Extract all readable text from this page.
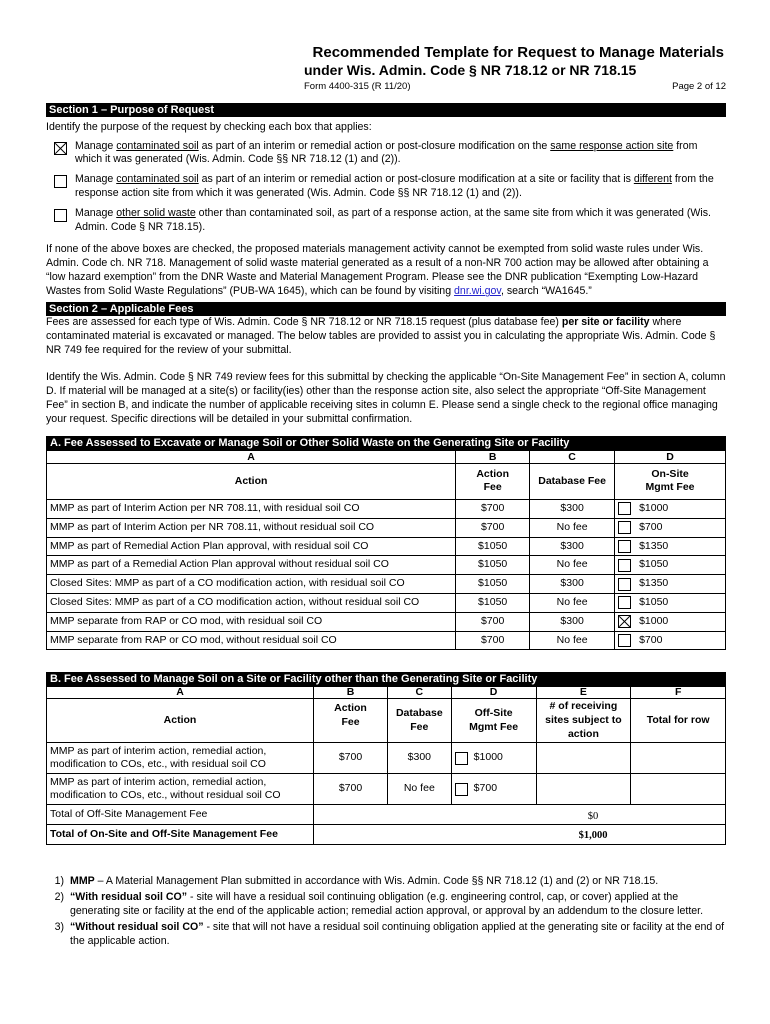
Recommended Template for Request to Manage Materials
under Wis. Admin. Code § NR 718.12 or NR 718.15
Form 4400-315 (R 11/20)	Page 2 of 12
Section 1 – Purpose of Request

Identify the purpose of the request by checking each box that applies:

Manage contaminated soil as part of an interim or remedial action or post-closure modification on the same response action site from which it was generated (Wis. Admin. Code §§ NR 718.12 (1) and (2)).
Manage contaminated soil as part of an interim or remedial action or post-closure modification at a site or facility that is different from the response action site from which it was generated (Wis. Admin. Code §§ NR 718.12 (1) and (2)).
Manage other solid waste other than contaminated soil, as part of a response action, at the same site from which it was generated (Wis. Admin. Code § NR 718.15).

If none of the above boxes are checked, the proposed materials management activity cannot be exempted from solid waste rules under Wis. Admin. Code ch. NR 718. Management of solid waste material generated as a result of a non-NR 700 action may be allowed after obtaining a “low hazard exemption” from the DNR Waste and Material Management Program. Please see the DNR publication “Exempting Low-Hazard Wastes from Solid Waste Regulations” (PUB-WA 1645), which can be found by visiting dnr.wi.gov, search “WA1645.”

Section 2 – Applicable Fees

Fees are assessed for each type of Wis. Admin. Code § NR 718.12 or NR 718.15 request (plus database fee) per site or facility where contaminated material is excavated or managed. The below tables are provided to assist you in calculating the appropriate Wis. Admin. Code § NR 749 fee required for the review of your submittal.

Identify the Wis. Admin. Code § NR 749 review fees for this submittal by checking the applicable “On-Site Management Fee” in section A, column D. If material will be managed at a site(s) or facility(ies) other than the response action site, also select the appropriate “Off-Site Management Fee” in section B, and indicate the number of applicable receiving sites in column E. Please send a single check to the regional office managing your request. Specific directions will be detailed in your submittal confirmation.

A. Fee Assessed to Excavate or Manage Soil or Other Solid Waste on the Generating Site or Facility			
A	B	C	D
Action	Action Fee	Database Fee	On-Site Mgmt Fee
MMP as part of Interim Action per NR 708.11, with residual soil CO	$700	$300	$1000

MMP as part of Interim Action per NR 708.11, without residual soil CO	$700	No fee	$700

MMP as part of Remedial Action Plan approval, with residual soil CO	$1050	$300	$1350

MMP as part of a Remedial Action Plan approval without residual soil CO	$1050	No fee	$1050

Closed Sites: MMP as part of a CO modification action, with residual soil CO	$1050	$300	$1350

Closed Sites: MMP as part of a CO modification action, without residual soil CO	$1050	No fee	$1050

MMP separate from RAP or CO mod, with residual soil CO	$700	$300	$1000

MMP separate from RAP or CO mod, without residual soil CO	$700	No fee	$700
B. Fee Assessed to Manage Soil on a Site or Facility other than the Generating Site or Facility					
A	B	C	D	E	F
Action	Action Fee	Database Fee	Off-Site Mgmt Fee	# of receiving sites subject to action	Total for row
MMP as part of interim action, remedial action, modification to COs, etc., with residual soil CO	$700	$300	$1000		

MMP as part of interim action, remedial action, modification to COs, etc., without residual soil CO	$700	No fee	$700		

Total of Off-Site Management Fee	$0				
Total of On-Site and Off-Site Management Fee	$1,000				
1) MMP – A Material Management Plan submitted in accordance with Wis. Admin. Code §§ NR 718.12 (1) and (2) or NR 718.15.
2) “With residual soil CO” - site will have a residual soil continuing obligation (e.g. engineering control, cap, or cover) applied at the generating site or facility at the end of the applicable action; remedial action approval, or approval by an addendum to the closure letter.
3) “Without residual soil CO” - site that will not have a residual soil continuing obligation applied at the generating site or facility at the end of the applicable action.
